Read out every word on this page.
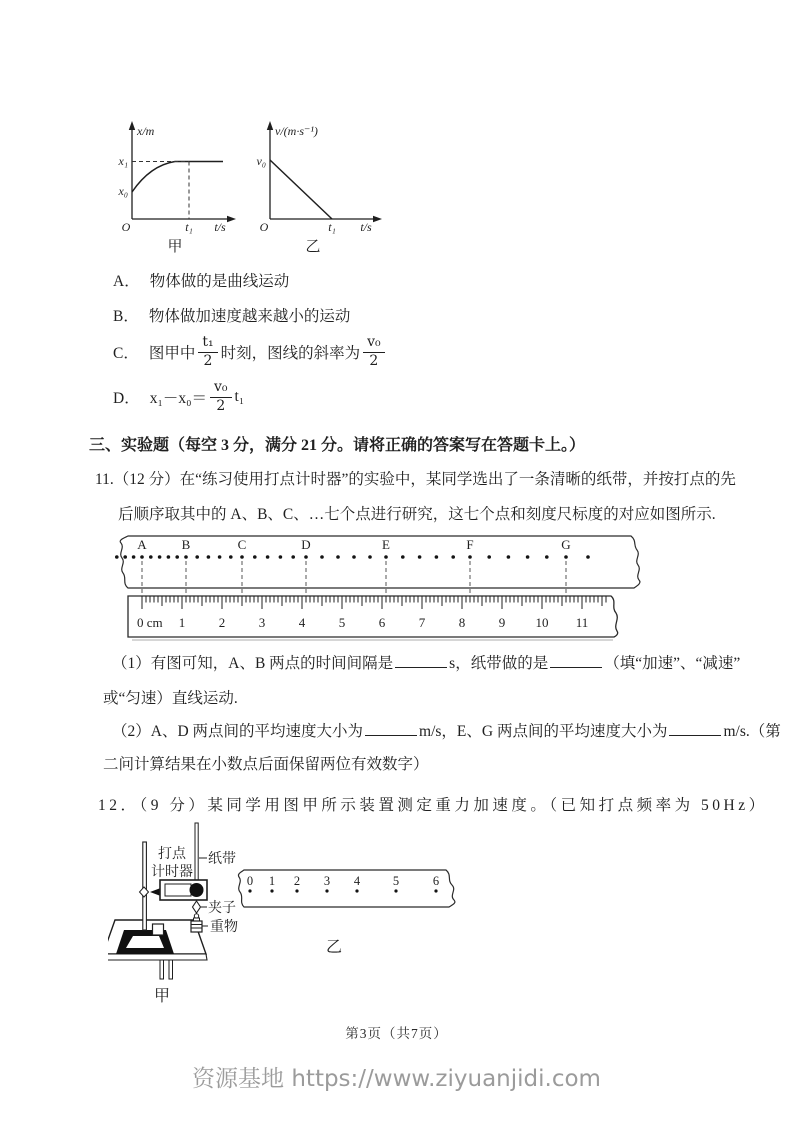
x/m
x₁
x₀
O	t₁ t/s
甲
v/(m·s⁻¹)
v₀
O	t₁ t/s
乙
A． 物体做的是曲线运动
B． 物体做加速度越来越小的运动
C． 图甲中 $\frac{\text{t₁}}{2}$ 时刻，图线的斜率为 $\frac{\text{v₀}}{2}$
D． $x_1-x_0= \frac{\text{v₀}}{2} t_1$
三、实验题（每空 3 分，满分 21 分。请将正确的答案写在答题卡上。）
11.（12 分）在“练习使用打点计时器”的实验中，某同学选出了一条清晰的纸带，并按打点的先
后顺序取其中的 A、B、C、…七个点进行研究，这七个点和刻度尺标度的对应如图所示.
A	B	C	D	E	F	G
0 cm 1	2	3	4	5	6	7	8	9 10 11
（1）有图可知，A、B 两点的时间间隔是	s，纸带做的是	（填“加速”、“减速”
或“匀速）直线运动.
（2）A、D 两点间的平均速度大小为	m/s，E、G 两点间的平均速度大小为	m/s.（第
二问计算结果在小数点后面保留两位有效数字）
12．（9 分）某同学用图甲所示装置测定重力加速度。（已知打点频率为 50Hz）
打点
计时器
纸带
夹子
重物
甲
0 1 2 3 4	5	6
乙
第3页（共7页）
资源基地 https://www.ziyuanjidi.com
